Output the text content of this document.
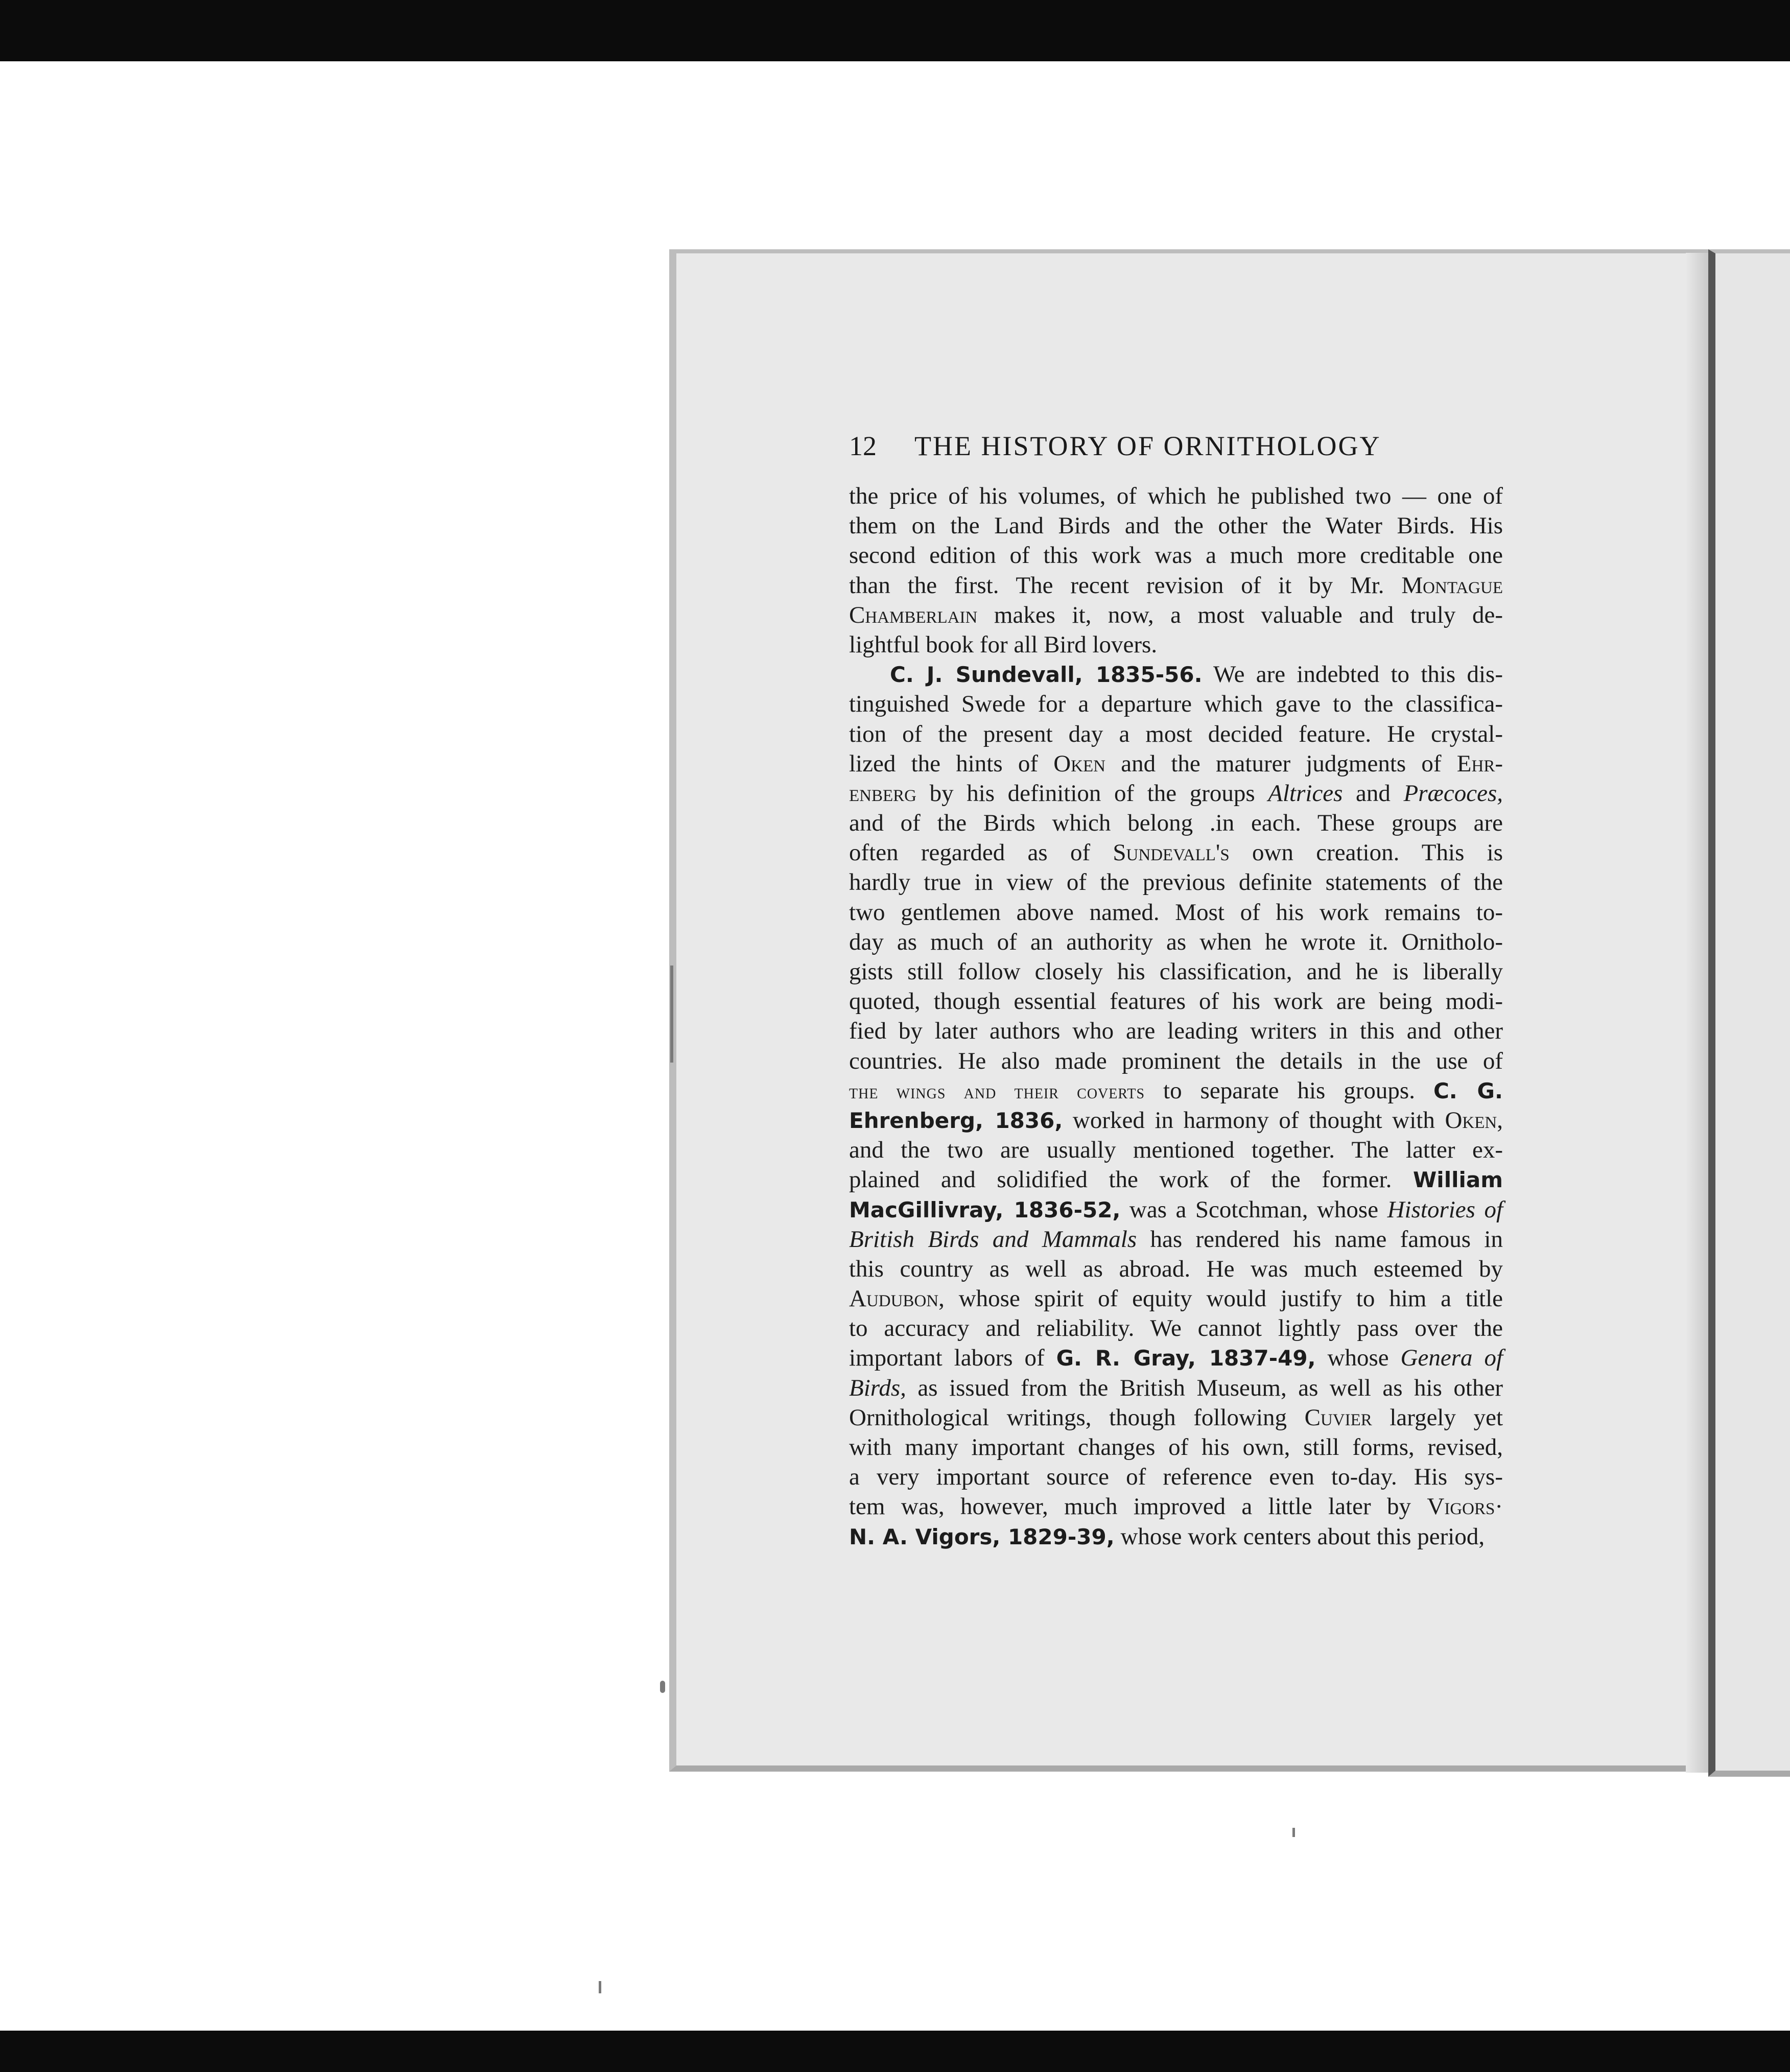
12 THE HISTORY OF ORNITHOLOGY
the price of his volumes, of which he published two — one of
them on the Land Birds and the other the Water Birds. His
second edition of this work was a much more creditable one
than the first. The recent revision of it by Mr. Montague
Chamberlain makes it, now, a most valuable and truly de-
lightful book for all Bird lovers.
C. J. Sundevall, 1835-56. We are indebted to this dis-
tinguished Swede for a departure which gave to the classifica-
tion of the present day a most decided feature. He crystal-
lized the hints of Oken and the maturer judgments of Ehr-
enberg by his definition of the groups Altrices and Præcoces,
and of the Birds which belong .in each. These groups are
often regarded as of Sundevall's own creation. This is
hardly true in view of the previous definite statements of the
two gentlemen above named. Most of his work remains to-
day as much of an authority as when he wrote it. Ornitholo-
gists still follow closely his classification, and he is liberally
quoted, though essential features of his work are being modi-
fied by later authors who are leading writers in this and other
countries. He also made prominent the details in the use of
the wings and their coverts to separate his groups. C. G.
Ehrenberg, 1836, worked in harmony of thought with Oken,
and the two are usually mentioned together. The latter ex-
plained and solidified the work of the former. William
MacGillivray, 1836-52, was a Scotchman, whose Histories of
British Birds and Mammals has rendered his name famous in
this country as well as abroad. He was much esteemed by
Audubon, whose spirit of equity would justify to him a title
to accuracy and reliability. We cannot lightly pass over the
important labors of G. R. Gray, 1837-49, whose Genera of
Birds, as issued from the British Museum, as well as his other
Ornithological writings, though following Cuvier largely yet
with many important changes of his own, still forms, revised,
a very important source of reference even to-day. His sys-
tem was, however, much improved a little later by Vigors·
N. A. Vigors, 1829-39, whose work centers about this period,
